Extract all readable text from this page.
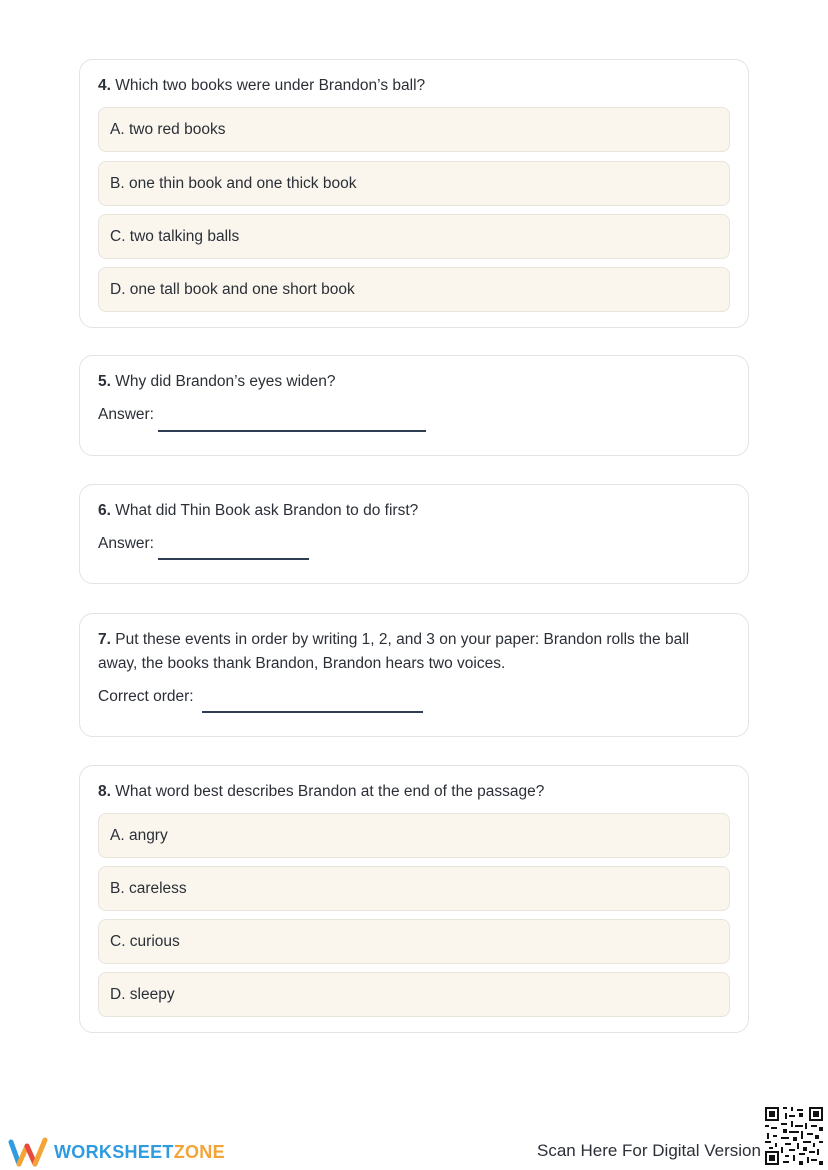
4. Which two books were under Brandon’s ball?

A. two red books
B. one thin book and one thick book
C. two talking balls
D. one tall book and one short book

5. Why did Brandon’s eyes widen?

Answer:

6. What did Thin Book ask Brandon to do first?

Answer:

7. Put these events in order by writing 1, 2, and 3 on your paper: Brandon rolls the ball away, the books thank Brandon, Brandon hears two voices.

Correct order:

8. What word best describes Brandon at the end of the passage?

A. angry
B. careless
C. curious
D. sleepy
WORKSHEETZONE	Scan Here For Digital Version
